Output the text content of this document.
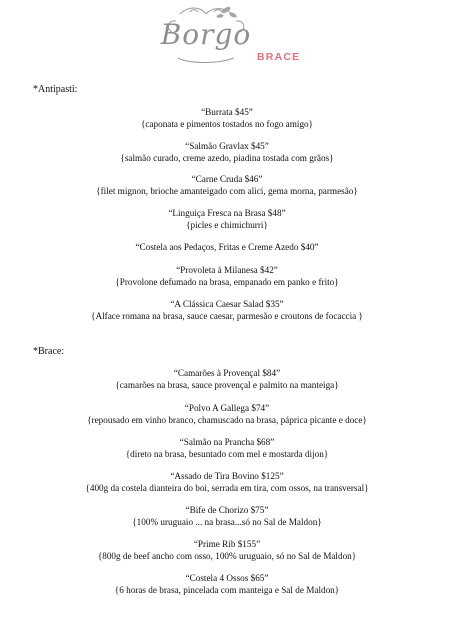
Borgo
BRACE
*Antipasti:
“Burrata $45”
{caponata e pimentos tostados no fogo amigo}
“Salmão Gravlax $45”
{salmão curado, creme azedo, piadina tostada com grãos}
“Carne Cruda $46”
{filet mignon, brioche amanteigado com alici, gema morna, parmesão}
“Linguiça Fresca na Brasa $48”
{picles e chimichurri}
“Costela aos Pedaços, Fritas e Creme Azedo $40”
“Provoleta à Milanesa $42”
{Provolone defumado na brasa, empanado em panko e frito}
“A Clássica Caesar Salad $35”
{Alface romana na brasa, sauce caesar, parmesão e croutons de focaccia }
*Brace:
“Camarões à Provençal $84”
{camarões na brasa, sauce provençal e palmito na manteiga}
“Polvo A Gallega $74”
{repousado em vinho branco, chamuscado na brasa, páprica picante e doce}
“Salmão na Prancha $68”
{direto na brasa, besuntado com mel e mostarda dijon}
“Assado de Tira Bovino $125”
{400g da costela dianteira do boi, serrada em tira, com ossos, na transversal}
“Bife de Chorizo $75”
{100% uruguaio ... na brasa...só no Sal de Maldon}
“Prime Rib $155”
{800g de beef ancho com osso, 100% uruguaio, só no Sal de Maldon}
“Costela 4 Ossos $65”
{6 horas de brasa, pincelada com manteiga e Sal de Maldon}
